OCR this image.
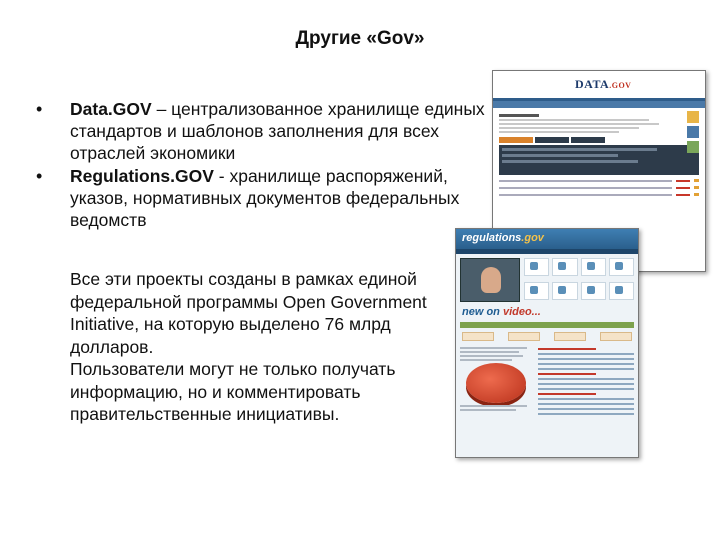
Другие «Gov»
• Data.GOV – централизованное хранилище единых стандартов и шаблонов заполнения для всех отраслей экономики
• Regulations.GOV - хранилище распоряжений, указов, нормативных документов федеральных ведомств

Все эти проекты созданы в рамках единой федеральной программы Open Government Initiative, на которую выделено 76 млрд долларов.

Пользователи могут не только получать информацию, но и комментировать правительственные инициативы.

DATA.GOV
regulations.gov
new on video...
